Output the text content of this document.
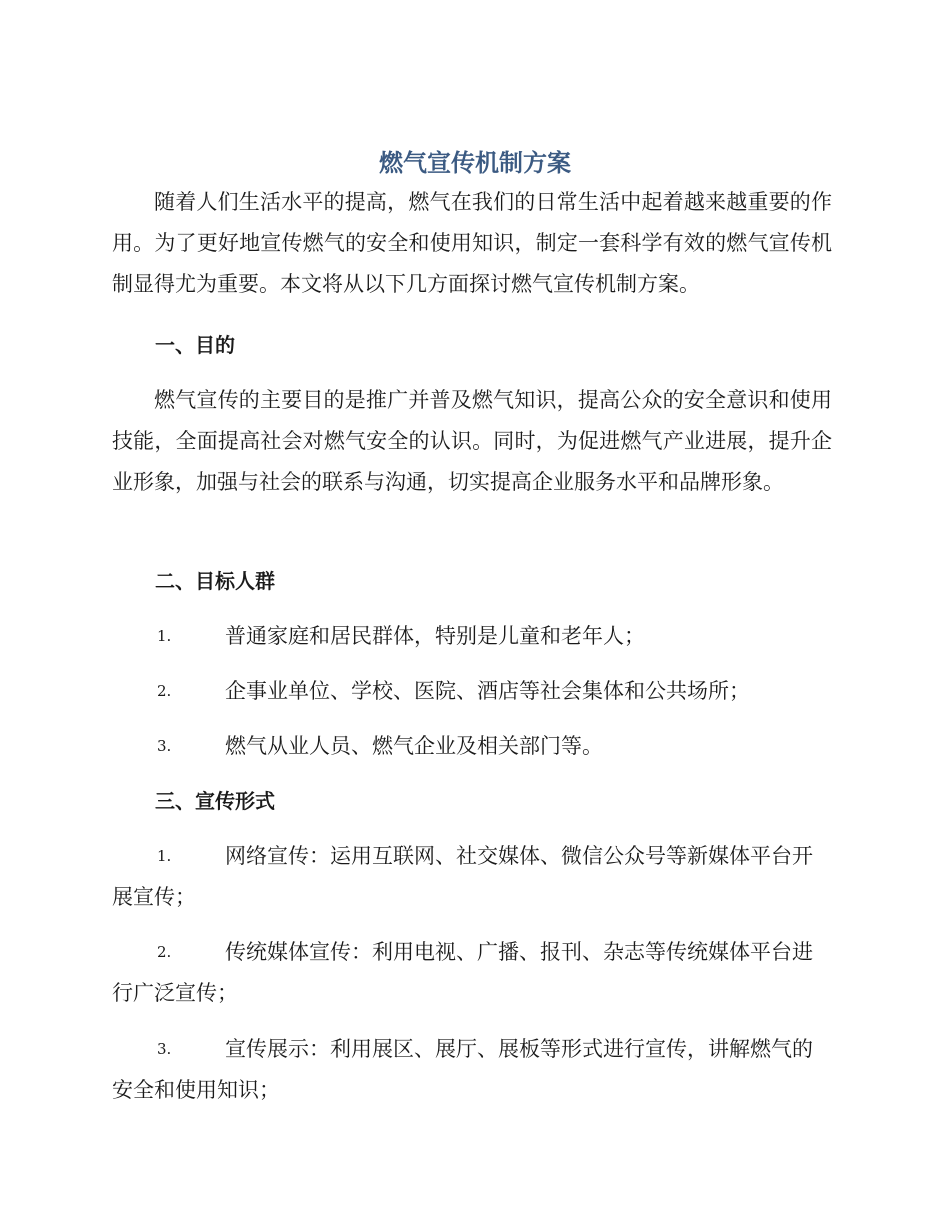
燃气宣传机制方案

随着人们生活水平的提高，燃气在我们的日常生活中起着越来越重要的作用。为了更好地宣传燃气的安全和使用知识，制定一套科学有效的燃气宣传机制显得尤为重要。本文将从以下几方面探讨燃气宣传机制方案。

一、目的

燃气宣传的主要目的是推广并普及燃气知识，提高公众的安全意识和使用技能，全面提高社会对燃气安全的认识。同时，为促进燃气产业进展，提升企业形象，加强与社会的联系与沟通，切实提高企业服务水平和品牌形象。

二、目标人群
1.	普通家庭和居民群体，特别是儿童和老年人；
2.	企事业单位、学校、医院、酒店等社会集体和公共场所；
3.	燃气从业人员、燃气企业及相关部门等。
三、宣传形式
1.	网络宣传：运用互联网、社交媒体、微信公众号等新媒体平台开展宣传；
2.	传统媒体宣传：利用电视、广播、报刊、杂志等传统媒体平台进行广泛宣传；
3.	宣传展示：利用展区、展厅、展板等形式进行宣传，讲解燃气的安全和使用知识；
